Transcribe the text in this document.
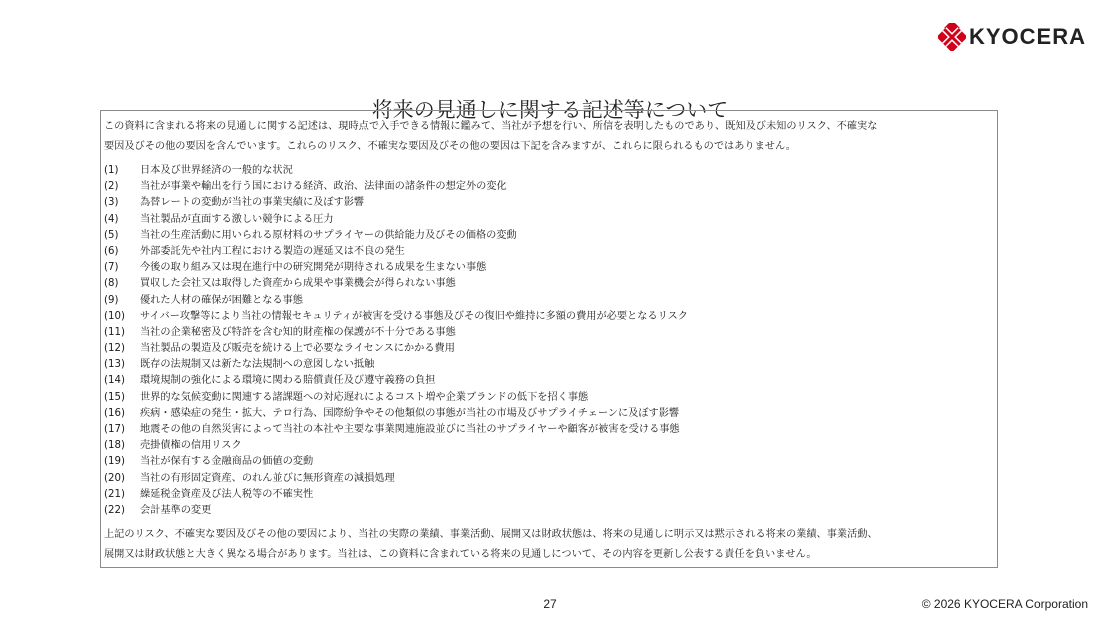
KYOCERA
将来の見通しに関する記述等について

この資料に含まれる将来の見通しに関する記述は、現時点で入手できる情報に鑑みて、当社が予想を行い、所信を表明したものであり、既知及び未知のリスク、不確実な

要因及びその他の要因を含んでいます。これらのリスク、不確実な要因及びその他の要因は下記を含みますが、これらに限られるものではありません。

(1)	日本及び世界経済の一般的な状況
(2)	当社が事業や輸出を行う国における経済、政治、法律面の諸条件の想定外の変化
(3)	為替レートの変動が当社の事業実績に及ぼす影響
(4)	当社製品が直面する激しい競争による圧力
(5)	当社の生産活動に用いられる原材料のサプライヤーの供給能力及びその価格の変動
(6)	外部委託先や社内工程における製造の遅延又は不良の発生
(7)	今後の取り組み又は現在進行中の研究開発が期待される成果を生まない事態
(8)	買収した会社又は取得した資産から成果や事業機会が得られない事態
(9)	優れた人材の確保が困難となる事態
(10)	サイバー攻撃等により当社の情報セキュリティが被害を受ける事態及びその復旧や維持に多額の費用が必要となるリスク
(11)	当社の企業秘密及び特許を含む知的財産権の保護が不十分である事態
(12)	当社製品の製造及び販売を続ける上で必要なライセンスにかかる費用
(13)	既存の法規制又は新たな法規制への意図しない抵触
(14)	環境規制の強化による環境に関わる賠償責任及び遵守義務の負担
(15)	世界的な気候変動に関連する諸課題への対応遅れによるコスト増や企業ブランドの低下を招く事態
(16)	疾病・感染症の発生・拡大、テロ行為、国際紛争やその他類似の事態が当社の市場及びサプライチェーンに及ぼす影響
(17)	地震その他の自然災害によって当社の本社や主要な事業関連施設並びに当社のサプライヤーや顧客が被害を受ける事態
(18)	売掛債権の信用リスク
(19)	当社が保有する金融商品の価値の変動
(20)	当社の有形固定資産、のれん並びに無形資産の減損処理
(21)	繰延税金資産及び法人税等の不確実性
(22)	会計基準の変更

上記のリスク、不確実な要因及びその他の要因により、当社の実際の業績、事業活動、展開又は財政状態は、将来の見通しに明示又は黙示される将来の業績、事業活動、

展開又は財政状態と大きく異なる場合があります。当社は、この資料に含まれている将来の見通しについて、その内容を更新し公表する責任を負いません。

27	© 2026 KYOCERA Corporation
